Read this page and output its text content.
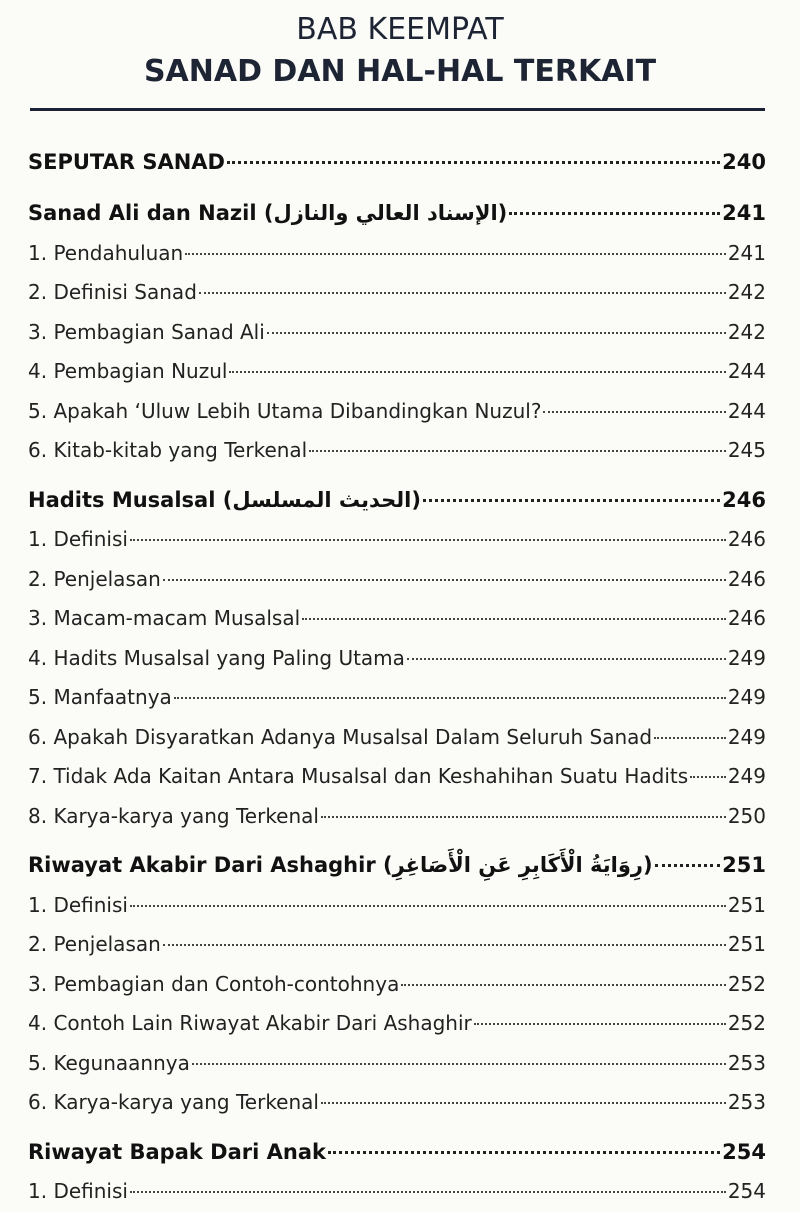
BAB KEEMPAT
SANAD DAN HAL-HAL TERKAIT
SEPUTAR SANAD	240
Sanad Ali dan Nazil ( الإسناد العالي والنازل )	241
1. Pendahuluan	241
2. Definisi Sanad	242
3. Pembagian Sanad Ali	242
4. Pembagian Nuzul	244
5. Apakah ‘Uluw Lebih Utama Dibandingkan Nuzul?	244
6. Kitab-kitab yang Terkenal	245
Hadits Musalsal ( الحديث المسلسل )	246
1. Definisi	246
2. Penjelasan	246
3. Macam-macam Musalsal	246
4. Hadits Musalsal yang Paling Utama	249
5. Manfaatnya	249
6. Apakah Disyaratkan Adanya Musalsal Dalam Seluruh Sanad	249
7. Tidak Ada Kaitan Antara Musalsal dan Keshahihan Suatu Hadits 249
8. Karya-karya yang Terkenal	250
Riwayat Akabir Dari Ashaghir ( رِوَايَةُ الْأَكَابِرِ عَنِ الْأَصَاغِرِ )	251
1. Definisi	251
2. Penjelasan	251
3. Pembagian dan Contoh-contohnya	252
4. Contoh Lain Riwayat Akabir Dari Ashaghir	252
5. Kegunaannya	253
6. Karya-karya yang Terkenal	253
Riwayat Bapak Dari Anak	254
1. Definisi	254
